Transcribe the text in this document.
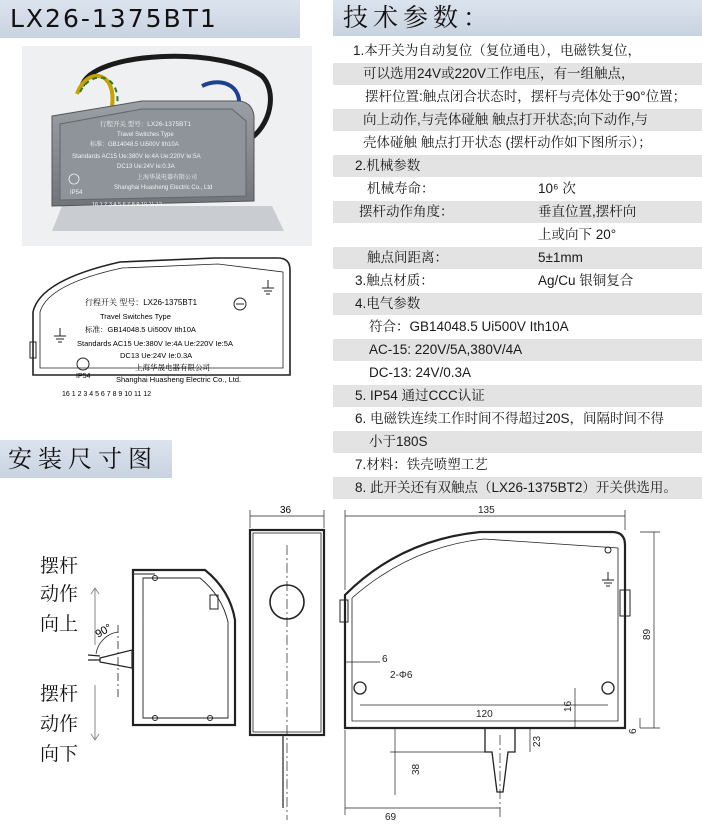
LX26-1375BT1	技术参数：
安装尺寸图
行程开关 型号：LX26-1375BT1
Travel Switches Type
标准：GB14048.5 Ui500V Ith10A
Standards AC15 Ue:380V Ie:4A Ue:220V Ie:5A
DC13 Ue:24V Ie:0.3A
上海华晟电器有限公司
Shanghai Huasheng Electric Co., Ltd
IP54
16 1 2 3 4 5 6 7 8 9 10 11 12
行程开关 型号：LX26-1375BT1
Travel Switches Type
标准：GB14048.5 Ui500V Ith10A
Standards AC15 Ue:380V Ie:4A Ue:220V Ie:5A
DC13 Ue:24V Ie:0.3A
上海华晟电器有限公司
Shanghai Huasheng Electric Co., Ltd.
IP54
16 1 2 3 4 5 6 7 8 9 10 11 12
1.本开关为自动复位（复位通电），电磁铁复位，
可以选用24V或220V工作电压，有一组触点，
摆杆位置:触点闭合状态时，摆杆与壳体处于90°位置；
向上动作,与壳体碰触 触点打开状态;向下动作,与
壳体碰触 触点打开状态 (摆杆动作如下图所示）；
2.机械参数
机械寿命：	10⁶ 次
摆杆动作角度：	垂直位置,摆杆向
上或向下 20°
触点间距离：	5±1mm
3.触点材质：	Ag/Cu 银铜复合
4.电气参数
符合：GB14048.5 Ui500V Ith10A
AC-15: 220V/5A,380V/4A
DC-13: 24V/0.3A
5. IP54 通过CCC认证
6. 电磁铁连续工作时间不得超过20S，间隔时间不得
小于180S
7.材料：铁壳喷塑工艺
8. 此开关还有双触点（LX26-1375BT2）开关供选用。
摆杆
动作
向上
摆杆
动作
向下
90°
36	135
89
6
2-Φ6
120
16
23
38
6
69
